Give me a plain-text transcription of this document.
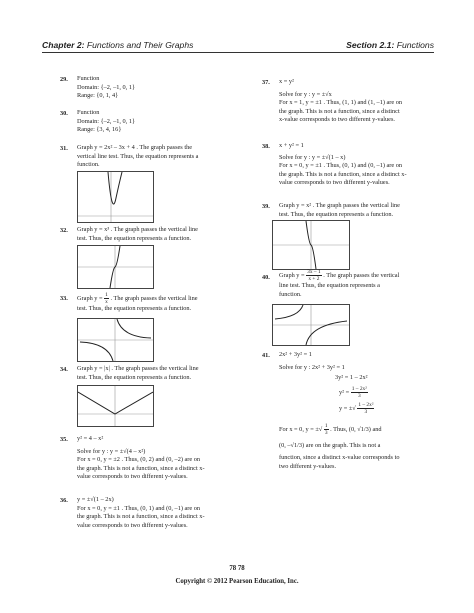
Chapter 2: Functions and Their Graphs	Section 2.1: Functions
29. Function
Domain: {–2, –1, 0, 1}
Range: {0, 1, 4}
30. Function
Domain: {–2, –1, 0, 1}
Range: {3, 4, 16}
31. Graph y = 2x² – 3x + 4 . The graph passes the
vertical line test. Thus, the equation represents a
function.
32. Graph y = x³ . The graph passes the vertical line
test. Thus, the equation represents a function.
33. Graph $y = \frac{1}{x}$ . The graph passes the vertical line
test. Thus, the equation represents a function.
34. Graph y = |x| . The graph passes the vertical line
test. Thus, the equation represents a function.
35. y² = 4 – x²
Solve for y : y = ±√(4 – x²)
For x = 0, y = ±2 . Thus, (0, 2) and (0, –2) are on
the graph. This is not a function, since a distinct x-
value corresponds to two different y-values.
36. y = ±√(1 – 2x)
For x = 0, y = ±1 . Thus, (0, 1) and (0, –1) are on
the graph. This is not a function, since a distinct x-
value corresponds to two different y-values.
37. x = y²
Solve for y : y = ±√x
For x = 1, y = ±1 . Thus, (1, 1) and (1, –1) are on
the graph. This is not a function, since a distinct
x-value corresponds to two different y-values.
38. x + y² = 1
Solve for y : y = ±√(1 – x)
For x = 0, y = ±1 . Thus, (0, 1) and (0, –1) are on
the graph. This is not a function, since a distinct x-
value corresponds to two different y-values.
39. Graph y = x² . The graph passes the vertical line
test. Thus, the equation represents a function.
40. Graph $y = \frac{3x - 1}{x + 2}$ . The graph passes the vertical
line test. Thus, the equation represents a
function.
41. 2x² + 3y² = 1
Solve for y : 2x² + 3y² = 1
3y² = 1 – 2x²
$y^2 = \frac{\text{1 – 2x²}}{3}$
y = ±√ $\frac{\text{1 – 2x²}}{3}$
For x = 0, y = ±√ $\frac{1}{3}$ . Thus, (0, √1/3) and
(0, –√1/3) are on the graph. This is not a
function, since a distinct x-value corresponds to
two different y-values.
78 78
Copyright © 2012 Pearson Education, Inc.
